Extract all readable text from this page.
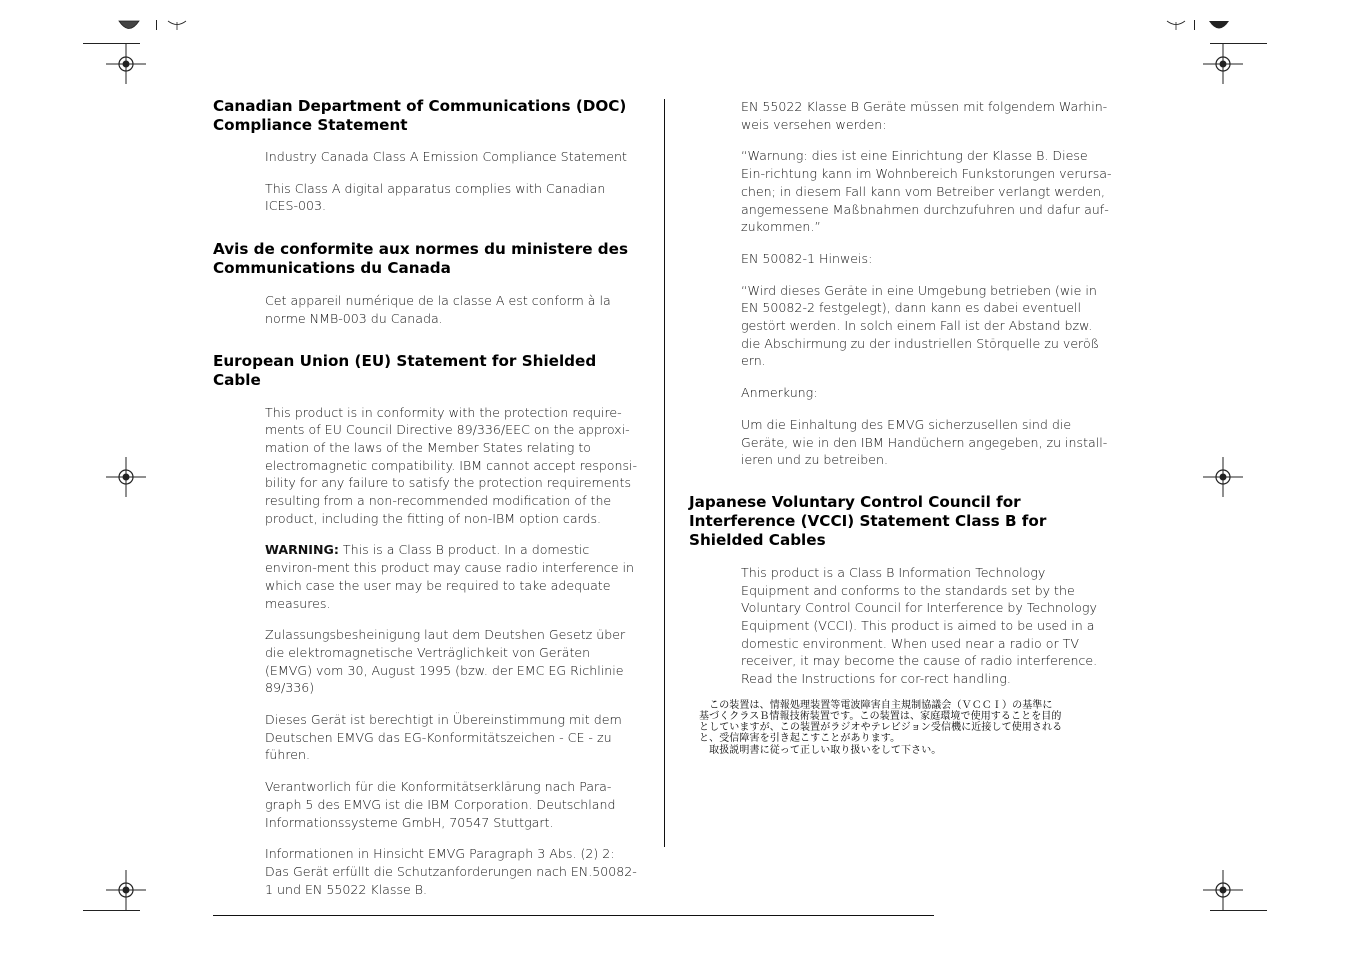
Canadian Department of Communications (DOC) Compliance Statement

Industry Canada Class A Emission Compliance Statement

This Class A digital apparatus complies with Canadian ICES-003.

Avis de conformite aux normes du ministere des Communications du Canada

Cet appareil numérique de la classe A est conform à la norme NMB-003 du Canada.

European Union (EU) Statement for Shielded Cable

This product is in conformity with the protection require-ments of EU Council Directive 89/336/EEC on the approxi-mation of the laws of the Member States relating to electromagnetic compatibility. IBM cannot accept responsi-bility for any failure to satisfy the protection requirements resulting from a non-recommended modification of the product, including the fitting of non-IBM option cards.

WARNING: This is a Class B product. In a domestic environ-ment this product may cause radio interference in which case the user may be required to take adequate measures.

Zulassungsbesheinigung laut dem Deutshen Gesetz über die elektromagnetische Verträglichkeit von Geräten (EMVG) vom 30, August 1995 (bzw. der EMC EG Richlinie 89/336)

Dieses Gerät ist berechtigt in Übereinstimmung mit dem Deutschen EMVG das EG-Konformitätszeichen - CE - zu führen.

Verantworlich für die Konformitätserklärung nach Para-graph 5 des EMVG ist die IBM Corporation. Deutschland Informationssysteme GmbH, 70547 Stuttgart.

Informationen in Hinsicht EMVG Paragraph 3 Abs. (2) 2: Das Gerät erfüllt die Schutzanforderungen nach EN.50082-1 und EN 55022 Klasse B.

EN 55022 Klasse B Geräte müssen mit folgendem Warhin-weis versehen werden:

“Warnung: dies ist eine Einrichtung der Klasse B. Diese Ein-richtung kann im Wohnbereich Funkstorungen verursa-chen; in diesem Fall kann vom Betreiber verlangt werden, angemessene Maßbnahmen durchzufuhren und dafur auf-zukommen.”

EN 50082-1 Hinweis:

“Wird dieses Geräte in eine Umgebung betrieben (wie in EN 50082-2 festgelegt), dann kann es dabei eventuell gestört werden. In solch einem Fall ist der Abstand bzw. die Abschirmung zu der industriellen Störquelle zu veröß ern.

Anmerkung:

Um die Einhaltung des EMVG sicherzusellen sind die Geräte, wie in den IBM Handüchern angegeben, zu install-ieren und zu betreiben.

Japanese Voluntary Control Council for Interference (VCCI) Statement Class B for Shielded Cables

This product is a Class B Information Technology Equipment and conforms to the standards set by the Voluntary Control Council for Interference by Technology Equipment (VCCI). This product is aimed to be used in a domestic environment. When used near a radio or TV receiver, it may become the cause of radio interference. Read the Instructions for cor-rect handling.

　この装置は、情報処理装置等電波障害自主規制協議会（ＶＣＣＩ）の基準に
基づくクラスＢ情報技術装置です。この装置は、家庭環境で使用することを目的
としていますが、この装置がラジオやテレビジョン受信機に近接して使用される
と、受信障害を引き起こすことがあります。
　取扱説明書に従って正しい取り扱いをして下さい。
